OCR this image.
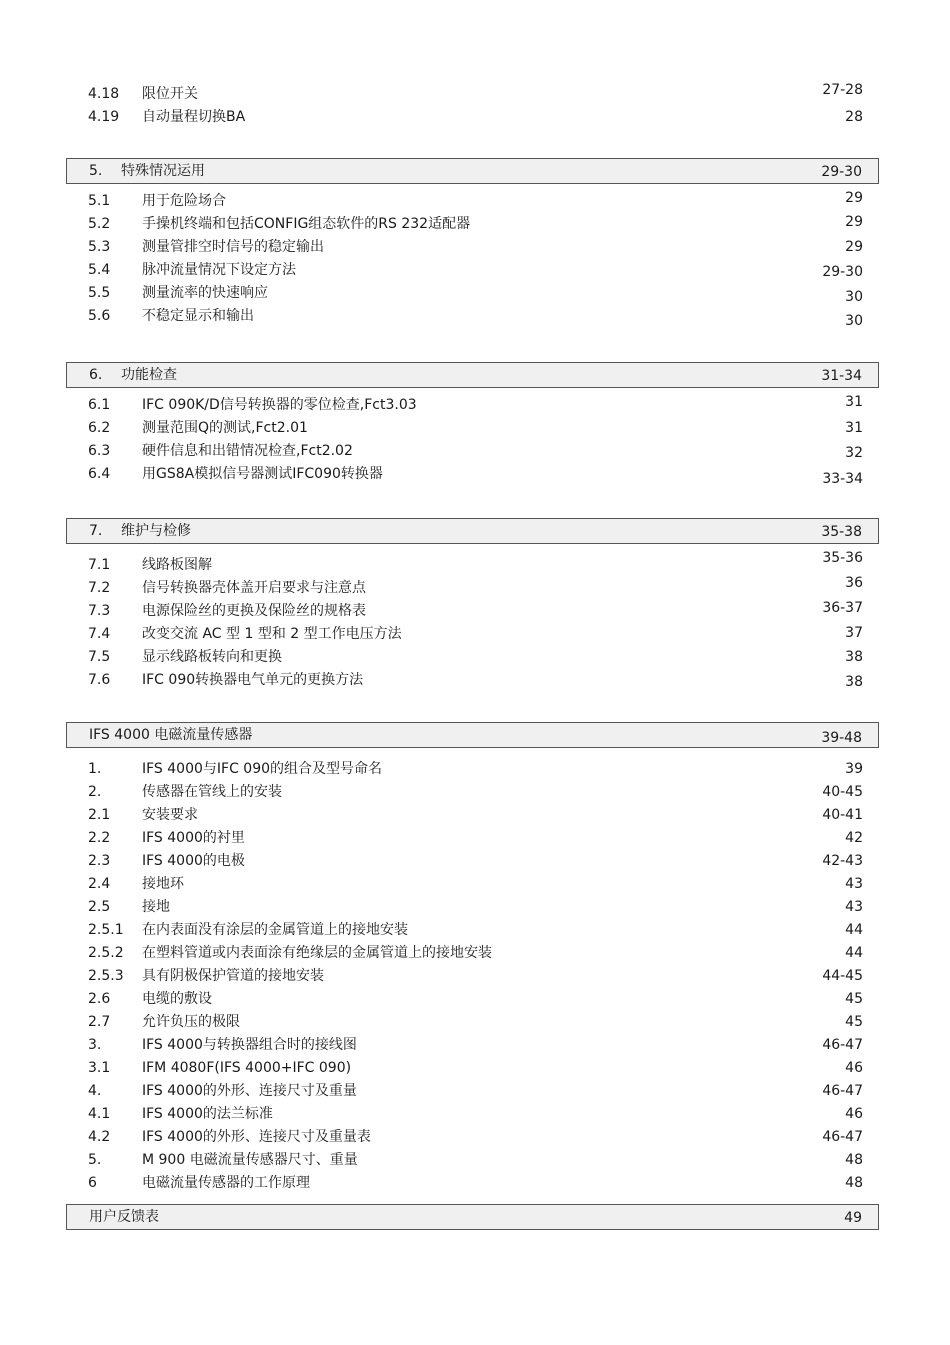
4.18 限位开关	27-28
4.19 自动量程切换BA	28
5. 特殊情况运用	29-30
5.1 用于危险场合	29
5.2 手操机终端和包括CONFIG组态软件的RS 232适配器	29
5.3 测量管排空时信号的稳定输出	29
5.4 脉冲流量情况下设定方法	29-30
5.5 测量流率的快速响应	30
5.6 不稳定显示和输出	30
6. 功能检查	31-34
6.1 IFC 090K/D信号转换器的零位检查,Fct3.03	31
6.2 测量范围Q的测试,Fct2.01	31
6.3 硬件信息和出错情况检查,Fct2.02	32
6.4 用GS8A模拟信号器测试IFC090转换器	33-34
7. 维护与检修	35-38
7.1 线路板图解	35-36
7.2 信号转换器壳体盖开启要求与注意点	36
7.3 电源保险丝的更换及保险丝的规格表	36-37
7.4 改变交流 AC 型 1 型和 2 型工作电压方法	37
7.5 显示线路板转向和更换	38
7.6 IFC 090转换器电气单元的更换方法	38
IFS 4000 电磁流量传感器	39-48
1.	IFS 4000与IFC 090的组合及型号命名	39
2.	传感器在管线上的安装	40-45
2.1 安装要求	40-41
2.2 IFS 4000的衬里	42
2.3 IFS 4000的电极	42-43
2.4 接地环	43
2.5 接地	43
2.5.1 在内表面没有涂层的金属管道上的接地安装	44
2.5.2 在塑料管道或内表面涂有绝缘层的金属管道上的接地安装	44
2.5.3 具有阴极保护管道的接地安装	44-45
2.6 电缆的敷设	45
2.7 允许负压的极限	45
3.	IFS 4000与转换器组合时的接线图	46-47
3.1 IFM 4080F(IFS 4000+IFC 090)	46
4.	IFS 4000的外形、连接尺寸及重量	46-47
4.1 IFS 4000的法兰标准	46
4.2 IFS 4000的外形、连接尺寸及重量表	46-47
5.	M 900 电磁流量传感器尺寸、重量	48
6	电磁流量传感器的工作原理	48
用户反馈表	49
